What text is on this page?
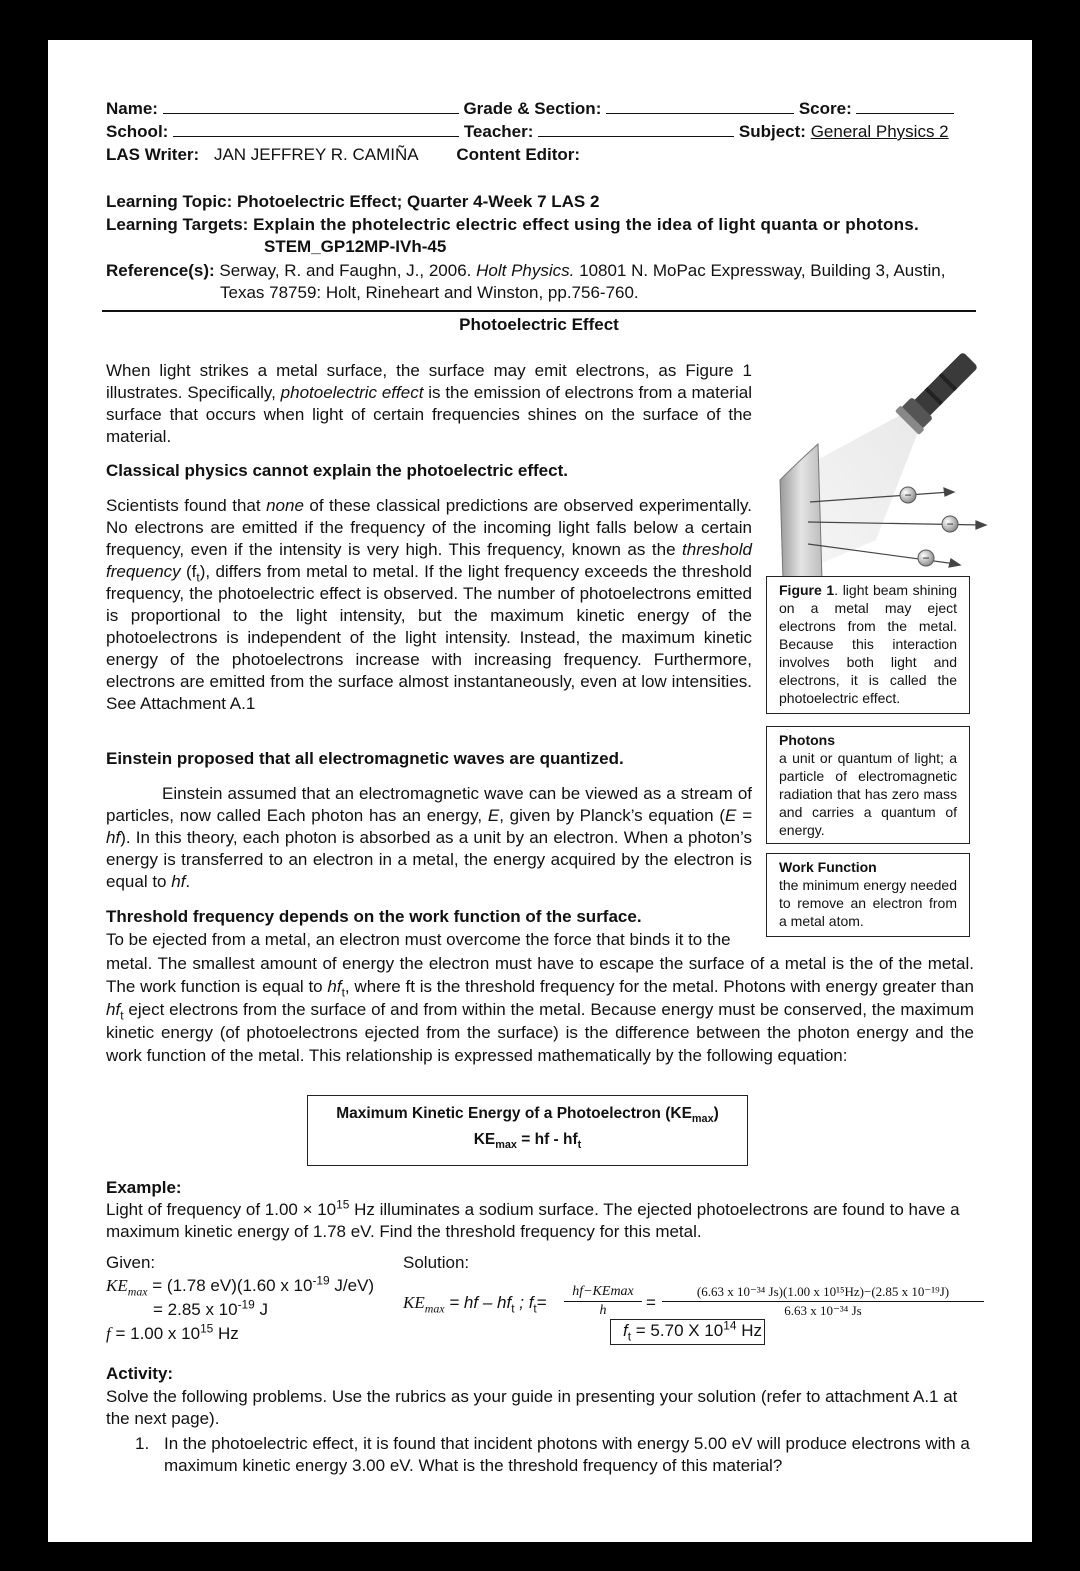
Name:	Grade & Section:	Score:
School:	Teacher:	Subject: General Physics 2
LAS Writer: JAN JEFFREY R. CAMIÑA Content Editor:
Learning Topic: Photoelectric Effect; Quarter 4-Week 7 LAS 2
Learning Targets: Explain the photelectric electric effect using the idea of light quanta or photons.
STEM_GP12MP-IVh-45
Reference(s): Serway, R. and Faughn, J., 2006. Holt Physics. 10801 N. MoPac Expressway, Building 3, Austin,
Texas 78759: Holt, Rineheart and Winston, pp.756-760.
Photoelectric Effect
When light strikes a metal surface, the surface may emit electrons, as Figure 1 illustrates. Specifically, photoelectric effect is the emission of electrons from a material surface that occurs when light of certain frequencies shines on the surface of the material.
Classical physics cannot explain the photoelectric effect.
Scientists found that none of these classical predictions are observed experimentally. No electrons are emitted if the frequency of the incoming light falls below a certain frequency, even if the intensity is very high. This frequency, known as the threshold frequency $(f_t)$, differs from metal to metal. If the light frequency exceeds the threshold frequency, the photoelectric effect is observed. The number of photoelectrons emitted is proportional to the light intensity, but the maximum kinetic energy of the photoelectrons is independent of the light intensity. Instead, the maximum kinetic energy of the photoelectrons increase with increasing frequency. Furthermore, electrons are emitted from the surface almost instantaneously, even at low intensities. See Attachment A.1
Einstein proposed that all electromagnetic waves are quantized.
Einstein assumed that an electromagnetic wave can be viewed as a stream of particles, now called Each photon has an energy, E, given by Planck’s equation (E = hf). In this theory, each photon is absorbed as a unit by an electron. When a photon’s energy is transferred to an electron in a metal, the energy acquired by the electron is equal to hf.
Threshold frequency depends on the work function of the surface.
To be ejected from a metal, an electron must overcome the force that binds it to the
metal. The smallest amount of energy the electron must have to escape the surface of a metal is the of the metal. The work function is equal to $hf_t$, where ft is the threshold frequency for the metal. Photons with energy greater than $hf_t$ eject electrons from the surface of and from within the metal. Because energy must be conserved, the maximum kinetic energy (of photoelectrons ejected from the surface) is the difference between the photon energy and the work function of the metal. This relationship is expressed mathematically by the following equation:
−
−
−
Figure 1. light beam shining on a metal may eject electrons from the metal. Because this interaction involves both light and electrons, it is called the photoelectric effect.
Photons
a unit or quantum of light; a particle of electromagnetic radiation that has zero mass and carries a quantum of energy.
Work Function
the minimum energy needed to remove an electron from a metal atom.
Maximum Kinetic Energy of a Photoelectron $(KE_{max})$
$KE_{max}$ = hf - $hf_t$
Example:
Light of frequency of $1.00 \times 10^{15}$ Hz illuminates a sodium surface. The ejected photoelectrons are found to have a maximum kinetic energy of 1.78 eV. Find the threshold frequency for this metal.
Given:	Solution:
$KE_{max} = (1.78$ eV)(1.60 x $10^{-19}$ J/eV)
= 2.85 x $10^{-19}$ J
f = 1.00 x $10^{15}$ Hz
$KE_{max}$ = hf – $hf_t$ ; $f_t=$
hf−KEmax
h	= $\frac{\text{(6.63 x 10⁻³⁴ Js)(1.00 x 10¹⁵Hz)−(2.85 x 10⁻¹⁹J)}}{\text{6.63 x 10⁻³⁴ Js}}$
$f_t = 5.70$ X $10^{14}$ Hz
Activity:
Solve the following problems. Use the rubrics as your guide in presenting your solution (refer to attachment A.1 at the next page).
1. In the photoelectric effect, it is found that incident photons with energy 5.00 eV will produce electrons with a maximum kinetic energy 3.00 eV. What is the threshold frequency of this material?
